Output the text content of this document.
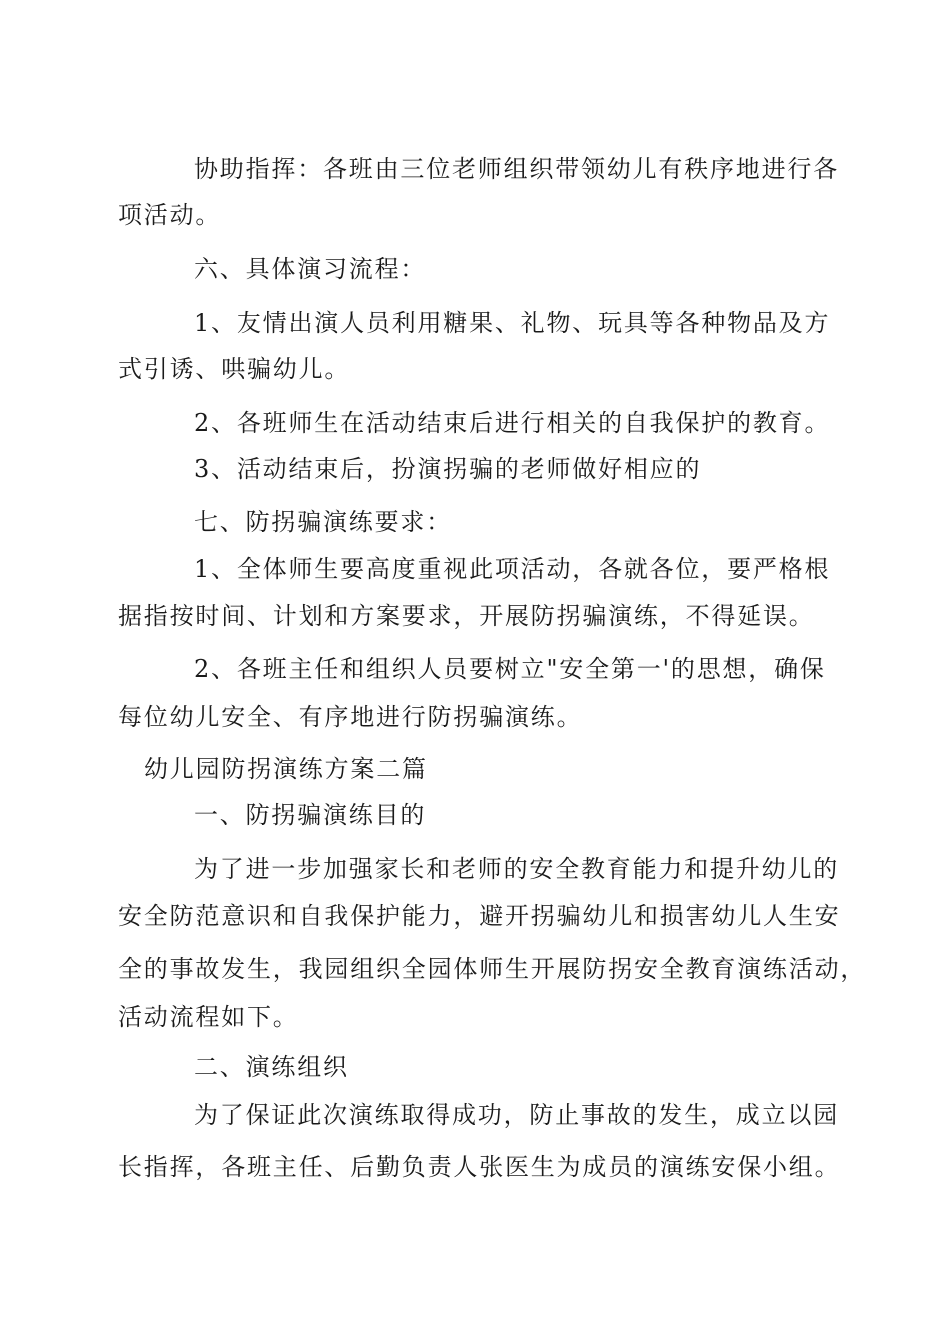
协助指挥：各班由三位老师组织带领幼儿有秩序地进行各
项活动。
六、具体演习流程：
1、友情出演人员利用糖果、礼物、玩具等各种物品及方
式引诱、哄骗幼儿。
2、各班师生在活动结束后进行相关的自我保护的教育。
3、活动结束后，扮演拐骗的老师做好相应的
七、防拐骗演练要求：
1、全体师生要高度重视此项活动，各就各位，要严格根
据指按时间、计划和方案要求，开展防拐骗演练，不得延误。
2、各班主任和组织人员要树立"安全第一'的思想，确保
每位幼儿安全、有序地进行防拐骗演练。
幼儿园防拐演练方案二篇
一、防拐骗演练目的
为了进一步加强家长和老师的安全教育能力和提升幼儿的
安全防范意识和自我保护能力，避开拐骗幼儿和损害幼儿人生安
全的事故发生，我园组织全园体师生开展防拐安全教育演练活动，
活动流程如下。
二、演练组织
为了保证此次演练取得成功，防止事故的发生，成立以园
长指挥，各班主任、后勤负责人张医生为成员的演练安保小组。
